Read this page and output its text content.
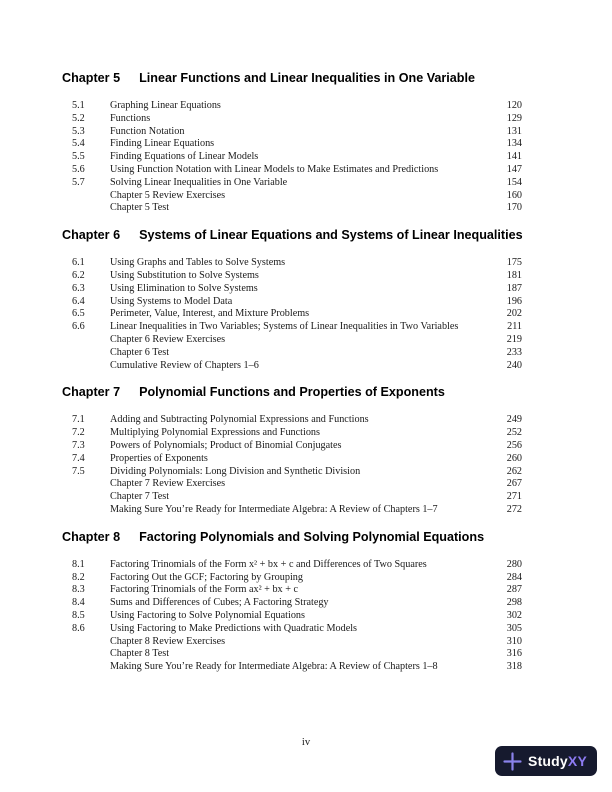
Chapter 5 Linear Functions and Linear Inequalities in One Variable

5.1	Graphing Linear Equations	120
5.2	Functions	129
5.3	Function Notation	131
5.4	Finding Linear Equations	134
5.5	Finding Equations of Linear Models	141
5.6	Using Function Notation with Linear Models to Make Estimates and Predictions	147
5.7	Solving Linear Inequalities in One Variable	154
Chapter 5 Review Exercises	160
Chapter 5 Test	170

Chapter 6 Systems of Linear Equations and Systems of Linear Inequalities

6.1	Using Graphs and Tables to Solve Systems	175
6.2	Using Substitution to Solve Systems	181
6.3	Using Elimination to Solve Systems	187
6.4	Using Systems to Model Data	196
6.5	Perimeter, Value, Interest, and Mixture Problems	202
6.6	Linear Inequalities in Two Variables; Systems of Linear Inequalities in Two Variables	211
Chapter 6 Review Exercises	219
Chapter 6 Test	233
Cumulative Review of Chapters 1–6	240

Chapter 7 Polynomial Functions and Properties of Exponents

7.1	Adding and Subtracting Polynomial Expressions and Functions	249
7.2	Multiplying Polynomial Expressions and Functions	252
7.3	Powers of Polynomials; Product of Binomial Conjugates	256
7.4	Properties of Exponents	260
7.5	Dividing Polynomials: Long Division and Synthetic Division	262
Chapter 7 Review Exercises	267
Chapter 7 Test	271
Making Sure You’re Ready for Intermediate Algebra: A Review of Chapters 1–7	272

Chapter 8 Factoring Polynomials and Solving Polynomial Equations

8.1	Factoring Trinomials of the Form x² + bx + c and Differences of Two Squares	280
8.2	Factoring Out the GCF; Factoring by Grouping	284
8.3	Factoring Trinomials of the Form ax² + bx + c	287
8.4	Sums and Differences of Cubes; A Factoring Strategy	298
8.5	Using Factoring to Solve Polynomial Equations	302
8.6	Using Factoring to Make Predictions with Quadratic Models	305
Chapter 8 Review Exercises	310
Chapter 8 Test	316
Making Sure You’re Ready for Intermediate Algebra: A Review of Chapters 1–8	318
iv
StudyXY
